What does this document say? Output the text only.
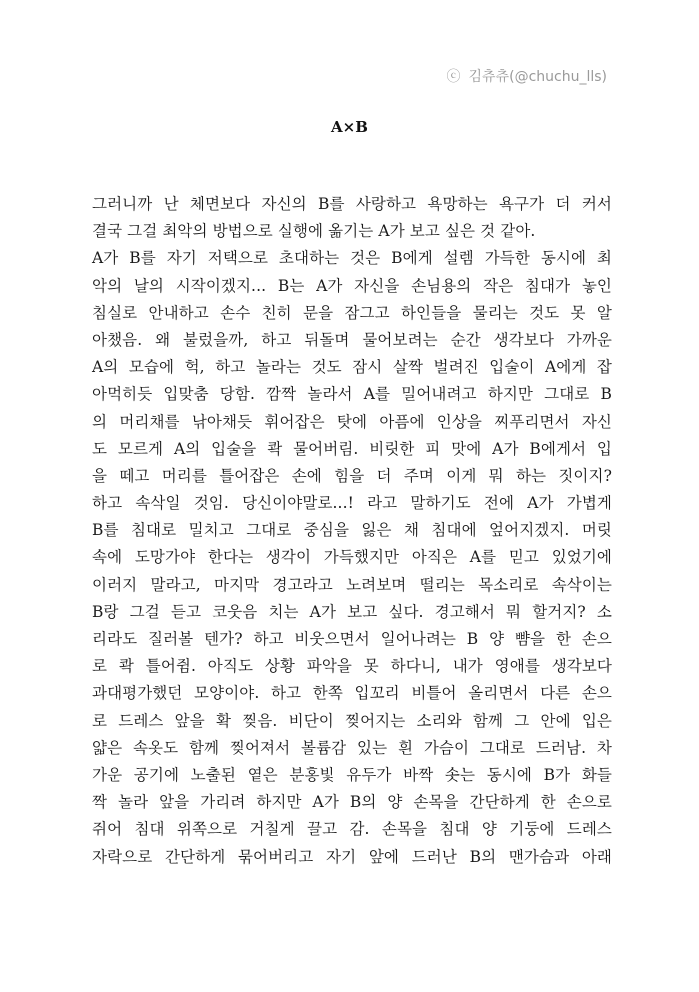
ⓒ 김츄츄(@chuchu_lls)
A×B
그러니까 난 체면보다 자신의 B를 사랑하고 욕망하는 욕구가 더 커서
결국 그걸 최악의 방법으로 실행에 옮기는 A가 보고 싶은 것 같아.
A가 B를 자기 저택으로 초대하는 것은 B에게 설렘 가득한 동시에 최
악의 날의 시작이겠지... B는 A가 자신을 손님용의 작은 침대가 놓인
침실로 안내하고 손수 친히 문을 잠그고 하인들을 물리는 것도 못 알
아챘음. 왜 불렀을까, 하고 뒤돌며 물어보려는 순간 생각보다 가까운
A의 모습에 헉, 하고 놀라는 것도 잠시 살짝 벌려진 입술이 A에게 잡
아먹히듯 입맞춤 당함. 깜짝 놀라서 A를 밀어내려고 하지만 그대로 B
의 머리채를 낚아채듯 휘어잡은 탓에 아픔에 인상을 찌푸리면서 자신
도 모르게 A의 입술을 콱 물어버림. 비릿한 피 맛에 A가 B에게서 입
을 떼고 머리를 틀어잡은 손에 힘을 더 주며 이게 뭐 하는 짓이지?
하고 속삭일 것임. 당신이야말로...! 라고 말하기도 전에 A가 가볍게
B를 침대로 밀치고 그대로 중심을 잃은 채 침대에 엎어지겠지. 머릿
속에 도망가야 한다는 생각이 가득했지만 아직은 A를 믿고 있었기에
이러지 말라고, 마지막 경고라고 노려보며 떨리는 목소리로 속삭이는
B랑 그걸 듣고 코웃음 치는 A가 보고 싶다. 경고해서 뭐 할거지? 소
리라도 질러볼 텐가? 하고 비웃으면서 일어나려는 B 양 뺨을 한 손으
로 콱 틀어쥠. 아직도 상황 파악을 못 하다니, 내가 영애를 생각보다
과대평가했던 모양이야. 하고 한쪽 입꼬리 비틀어 올리면서 다른 손으
로 드레스 앞을 확 찢음. 비단이 찢어지는 소리와 함께 그 안에 입은
얇은 속옷도 함께 찢어져서 볼륨감 있는 흰 가슴이 그대로 드러남. 차
가운 공기에 노출된 옅은 분홍빛 유두가 바짝 솟는 동시에 B가 화들
짝 놀라 앞을 가리려 하지만 A가 B의 양 손목을 간단하게 한 손으로
쥐어 침대 위쪽으로 거칠게 끌고 감. 손목을 침대 양 기둥에 드레스
자락으로 간단하게 묶어버리고 자기 앞에 드러난 B의 맨가슴과 아래
